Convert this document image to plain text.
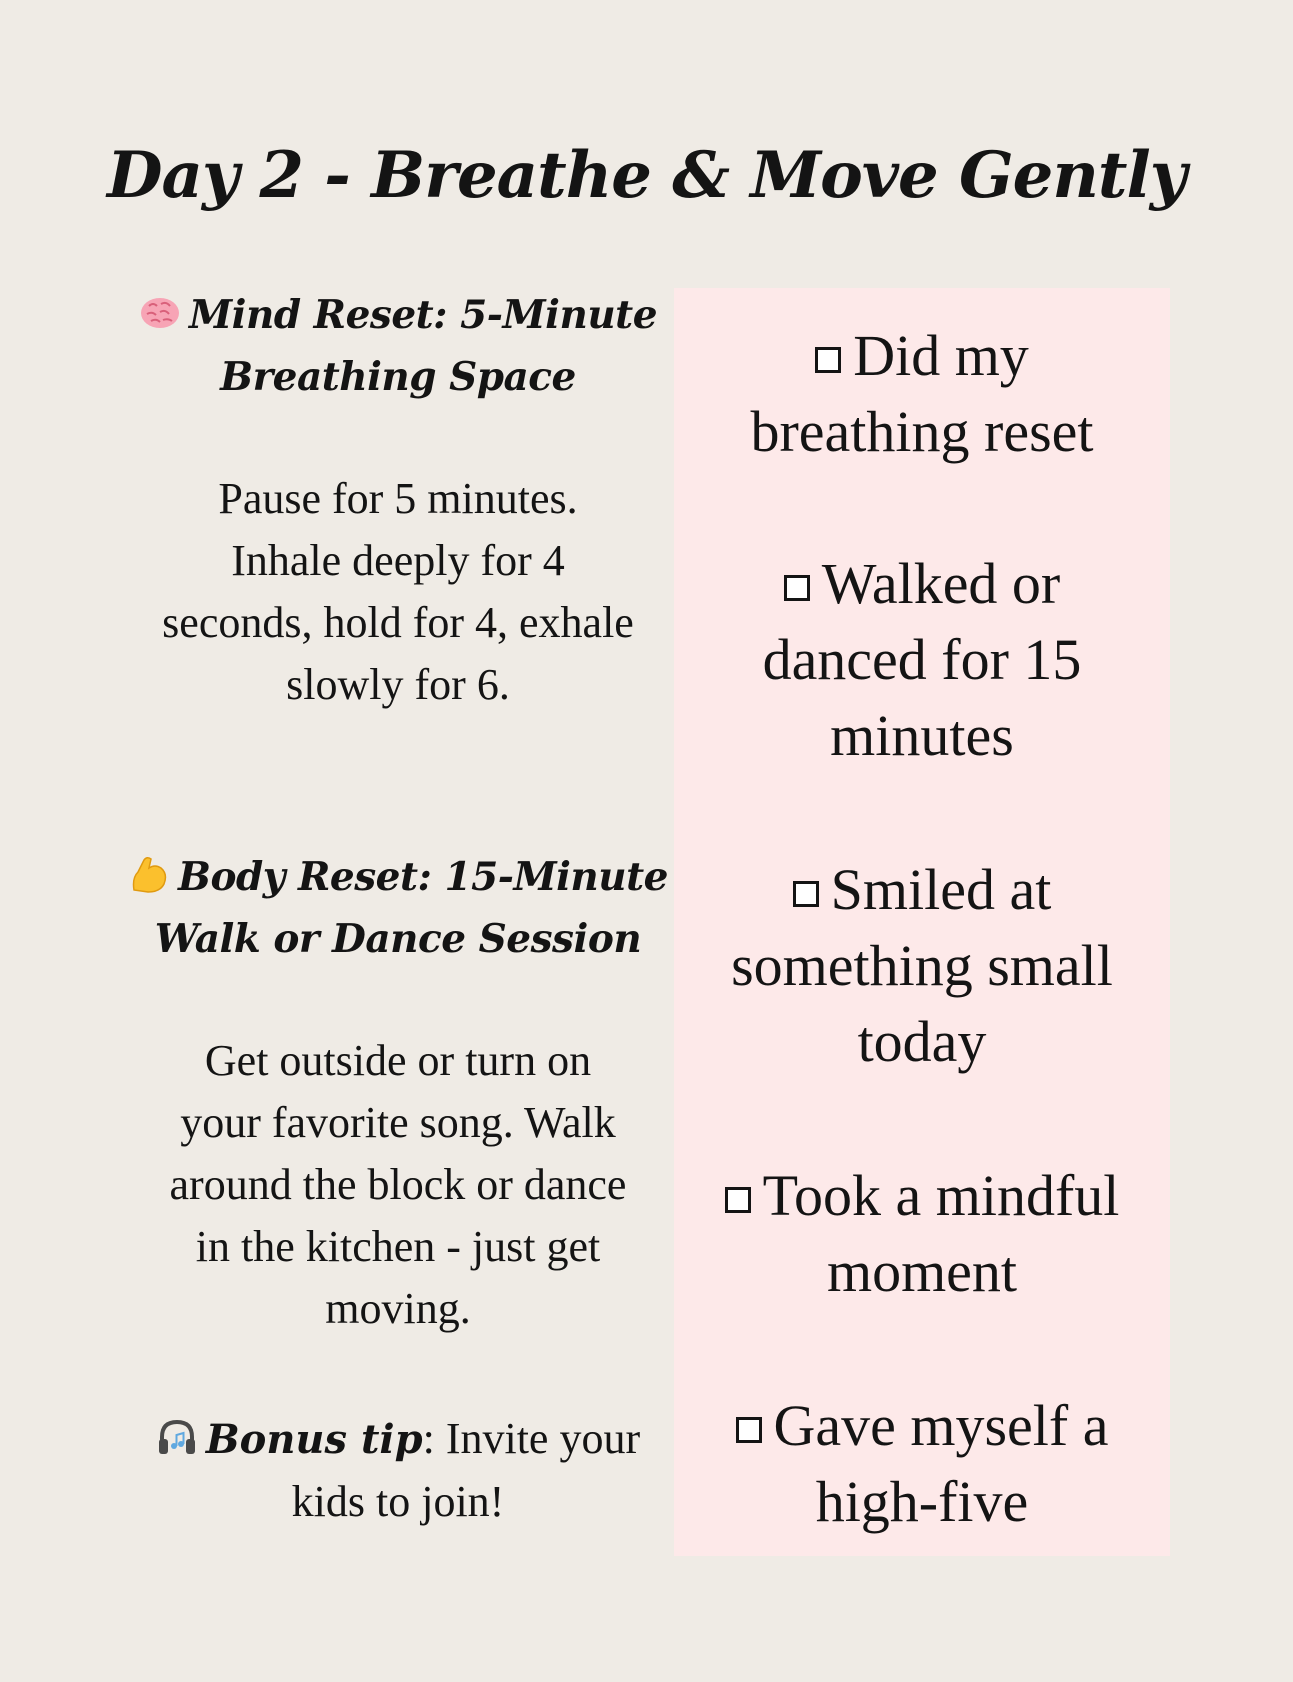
Day 2 - Breathe & Move Gently
Mind Reset: 5-Minute
Breathing Space
Pause for 5 minutes.
Inhale deeply for 4
seconds, hold for 4, exhale
slowly for 6.
Body Reset: 15-Minute
Walk or Dance Session
Get outside or turn on
your favorite song. Walk
around the block or dance
in the kitchen - just get
moving.
Bonus tip: Invite your
kids to join!
Did my
breathing reset
Walked or
danced for 15
minutes
Smiled at
something small
today
Took a mindful
moment
Gave myself a
high-five
